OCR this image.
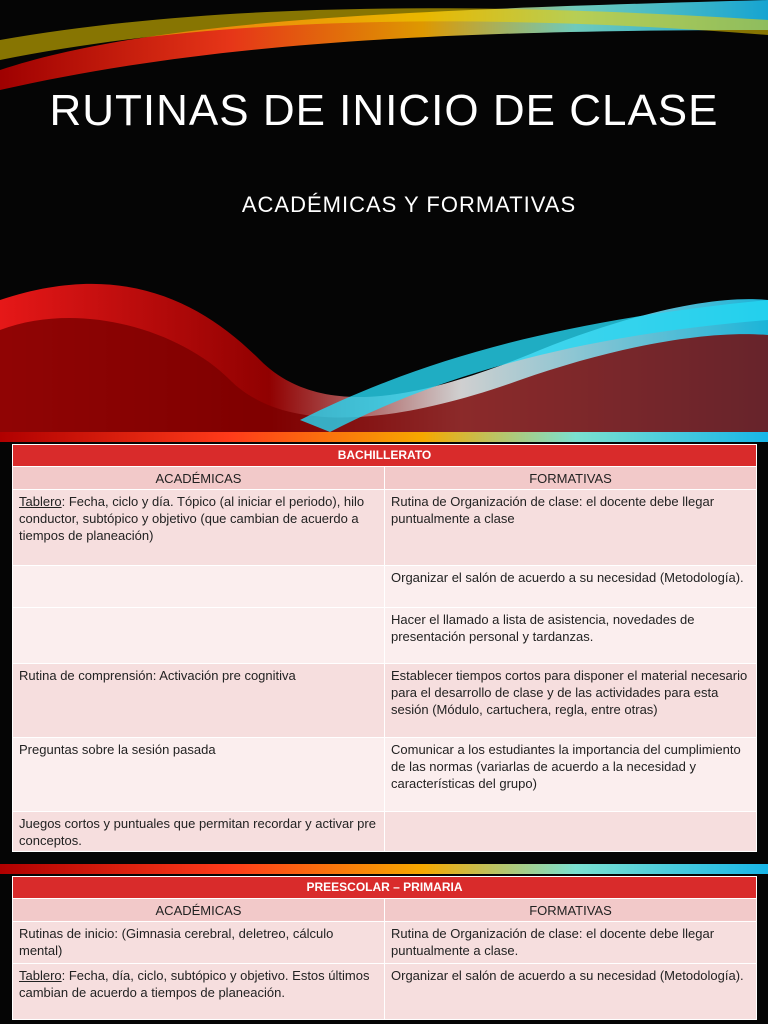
RUTINAS DE INICIO DE CLASE
ACADÉMICAS Y FORMATIVAS
BACHILLERATO	
ACADÉMICAS	FORMATIVAS
Tablero: Fecha, ciclo y día. Tópico (al iniciar el periodo), hilo conductor, subtópico y objetivo (que cambian de acuerdo a tiempos de planeación)	Rutina de Organización de clase: el docente debe llegar puntualmente a clase
	Organizar el salón de acuerdo a su necesidad (Metodología).
	Hacer el llamado a lista de asistencia, novedades de presentación personal y tardanzas.
Rutina de comprensión: Activación pre cognitiva	Establecer tiempos cortos para disponer el material necesario para el desarrollo de clase y de las actividades para esta sesión (Módulo, cartuchera, regla, entre otras)
Preguntas sobre la sesión pasada	Comunicar a los estudiantes la importancia del cumplimiento de las normas (variarlas de acuerdo a la necesidad y características del grupo)
Juegos cortos y puntuales que permitan recordar y activar pre conceptos.	
PREESCOLAR – PRIMARIA	
ACADÉMICAS	FORMATIVAS
Rutinas de inicio: (Gimnasia cerebral, deletreo, cálculo mental)	Rutina de Organización de clase: el docente debe llegar puntualmente a clase.
Tablero: Fecha, día, ciclo, subtópico y objetivo. Estos últimos cambian de acuerdo a tiempos de planeación.	Organizar el salón de acuerdo a su necesidad (Metodología).
